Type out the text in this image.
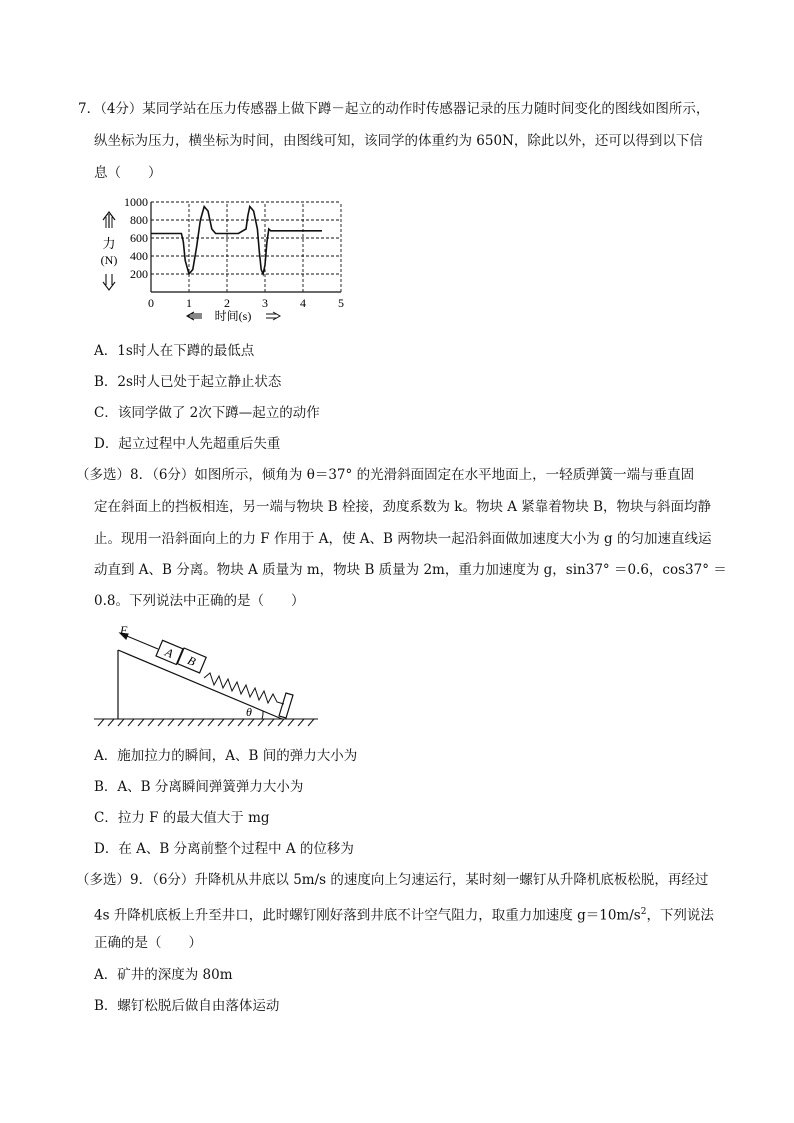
7．（4分）某同学站在压力传感器上做下蹲－起立的动作时传感器记录的压力随时间变化的图线如图所示，
纵坐标为压力，横坐标为时间，由图线可知，该同学的体重约为 650N，除此以外，还可以得到以下信
息（　　）
1000
800
600
400
200
0	1	2	3	4	5
力
(N)
时间(s)
A．1s时人在下蹲的最低点
B．2s时人已处于起立静止状态
C．该同学做了 2次下蹲—起立的动作
D．起立过程中人先超重后失重
（多选）8．（6分）如图所示，倾角为 θ＝37° 的光滑斜面固定在水平地面上，一轻质弹簧一端与垂直固
定在斜面上的挡板相连，另一端与物块 B 栓接，劲度系数为 k。物块 A 紧靠着物块 B，物块与斜面均静
止。现用一沿斜面向上的力 F 作用于 A，使 A、B 两物块一起沿斜面做加速度大小为 g 的匀加速直线运
动直到 A、B 分离。物块 A 质量为 m，物块 B 质量为 2m，重力加速度为 g，sin37° ＝0.6，cos37° ＝
0.8。下列说法中正确的是（　　）
B
A
F
θ
A．施加拉力的瞬间，A、B 间的弹力大小为
B．A、B 分离瞬间弹簧弹力大小为
C．拉力 F 的最大值大于 mg
D．在 A、B 分离前整个过程中 A 的位移为
（多选）9．（6分）升降机从井底以 5m/s 的速度向上匀速运行，某时刻一螺钉从升降机底板松脱，再经过
4s 升降机底板上升至井口，此时螺钉刚好落到井底不计空气阻力，取重力加速度 $g=10m/s^2$，下列说法
正确的是（　　）
A．矿井的深度为 80m
B．螺钉松脱后做自由落体运动
